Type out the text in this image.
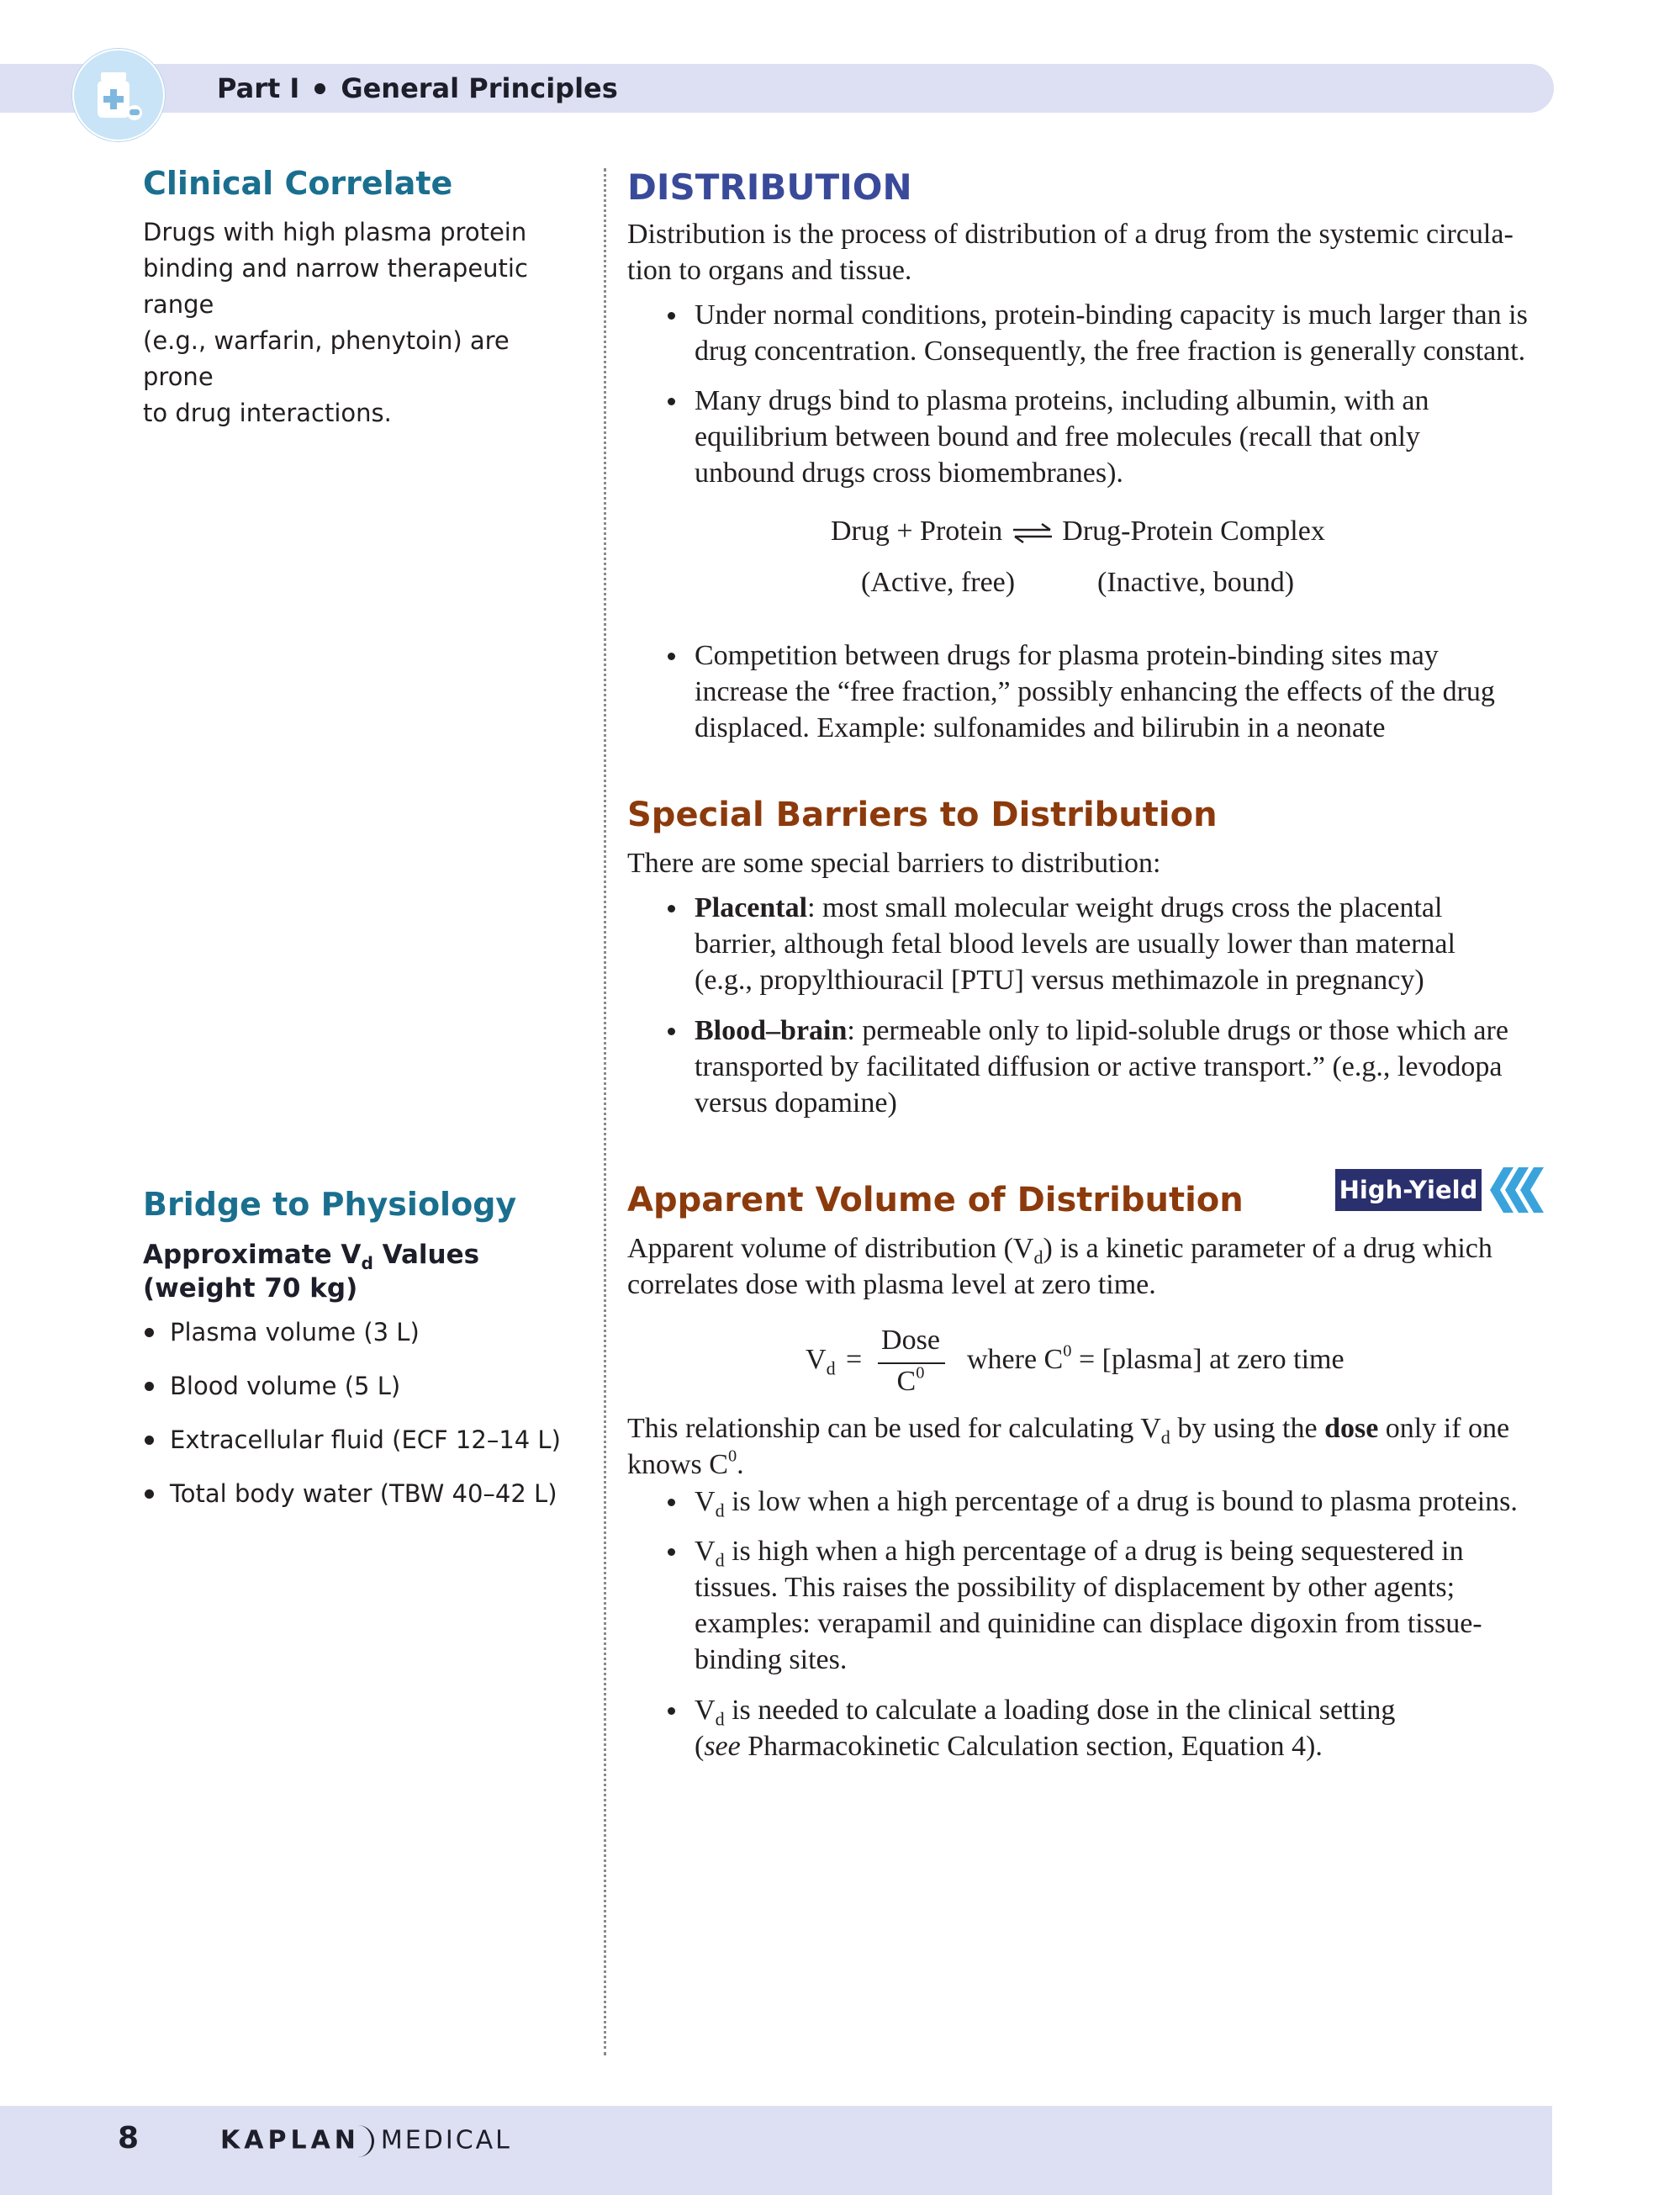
Part I General Principles
Clinical Correlate
Drugs with high plasma protein
binding and narrow therapeutic range
(e.g., warfarin, phenytoin) are prone
to drug interactions.
Bridge to Physiology
Approximate $V_d$ Values
(weight 70 kg)
Plasma volume (3 L)
Blood volume (5 L)
Extracellular fluid (ECF 12–14 L)
Total body water (TBW 40–42 L)
DISTRIBUTION
Distribution is the process of distribution of a drug from the systemic circula-
tion to organs and tissue.
Under normal conditions, protein-binding capacity is much larger than is
drug concentration. Consequently, the free fraction is generally constant.
Many drugs bind to plasma proteins, including albumin, with an
equilibrium between bound and free molecules (recall that only
unbound drugs cross biomembranes).
Drug + Protein ⇌ Drug-Protein Complex
(Active, free)	(Inactive, bound)
Competition between drugs for plasma protein-binding sites may
increase the “free fraction,” possibly enhancing the effects of the drug
displaced. Example: sulfonamides and bilirubin in a neonate
Special Barriers to Distribution
There are some special barriers to distribution:
Placental: most small molecular weight drugs cross the placental
barrier, although fetal blood levels are usually lower than maternal
(e.g., propylthiouracil [PTU] versus methimazole in pregnancy)
Blood–brain: permeable only to lipid-soluble drugs or those which are
transported by facilitated diffusion or active transport.” (e.g., levodopa
versus dopamine)
Apparent Volume of Distribution	High-Yield
Apparent volume of distribution $(V_d)$ is a kinetic parameter of a drug which
correlates dose with plasma level at zero time.
$V_d$ =
Dose
$C^0$	where $C^0$ = [plasma] at zero time
This relationship can be used for calculating $V_d$ by using the dose only if one
knows $C^0$.
$V_d$ is low when a high percentage of a drug is bound to plasma proteins.
$V_d$ is high when a high percentage of a drug is being sequestered in
tissues. This raises the possibility of displacement by other agents;
examples: verapamil and quinidine can displace digoxin from tissue-
binding sites.
$V_d$ is needed to calculate a loading dose in the clinical setting
(see Pharmacokinetic Calculation section, Equation 4).
8	KAPLAN MEDICAL
